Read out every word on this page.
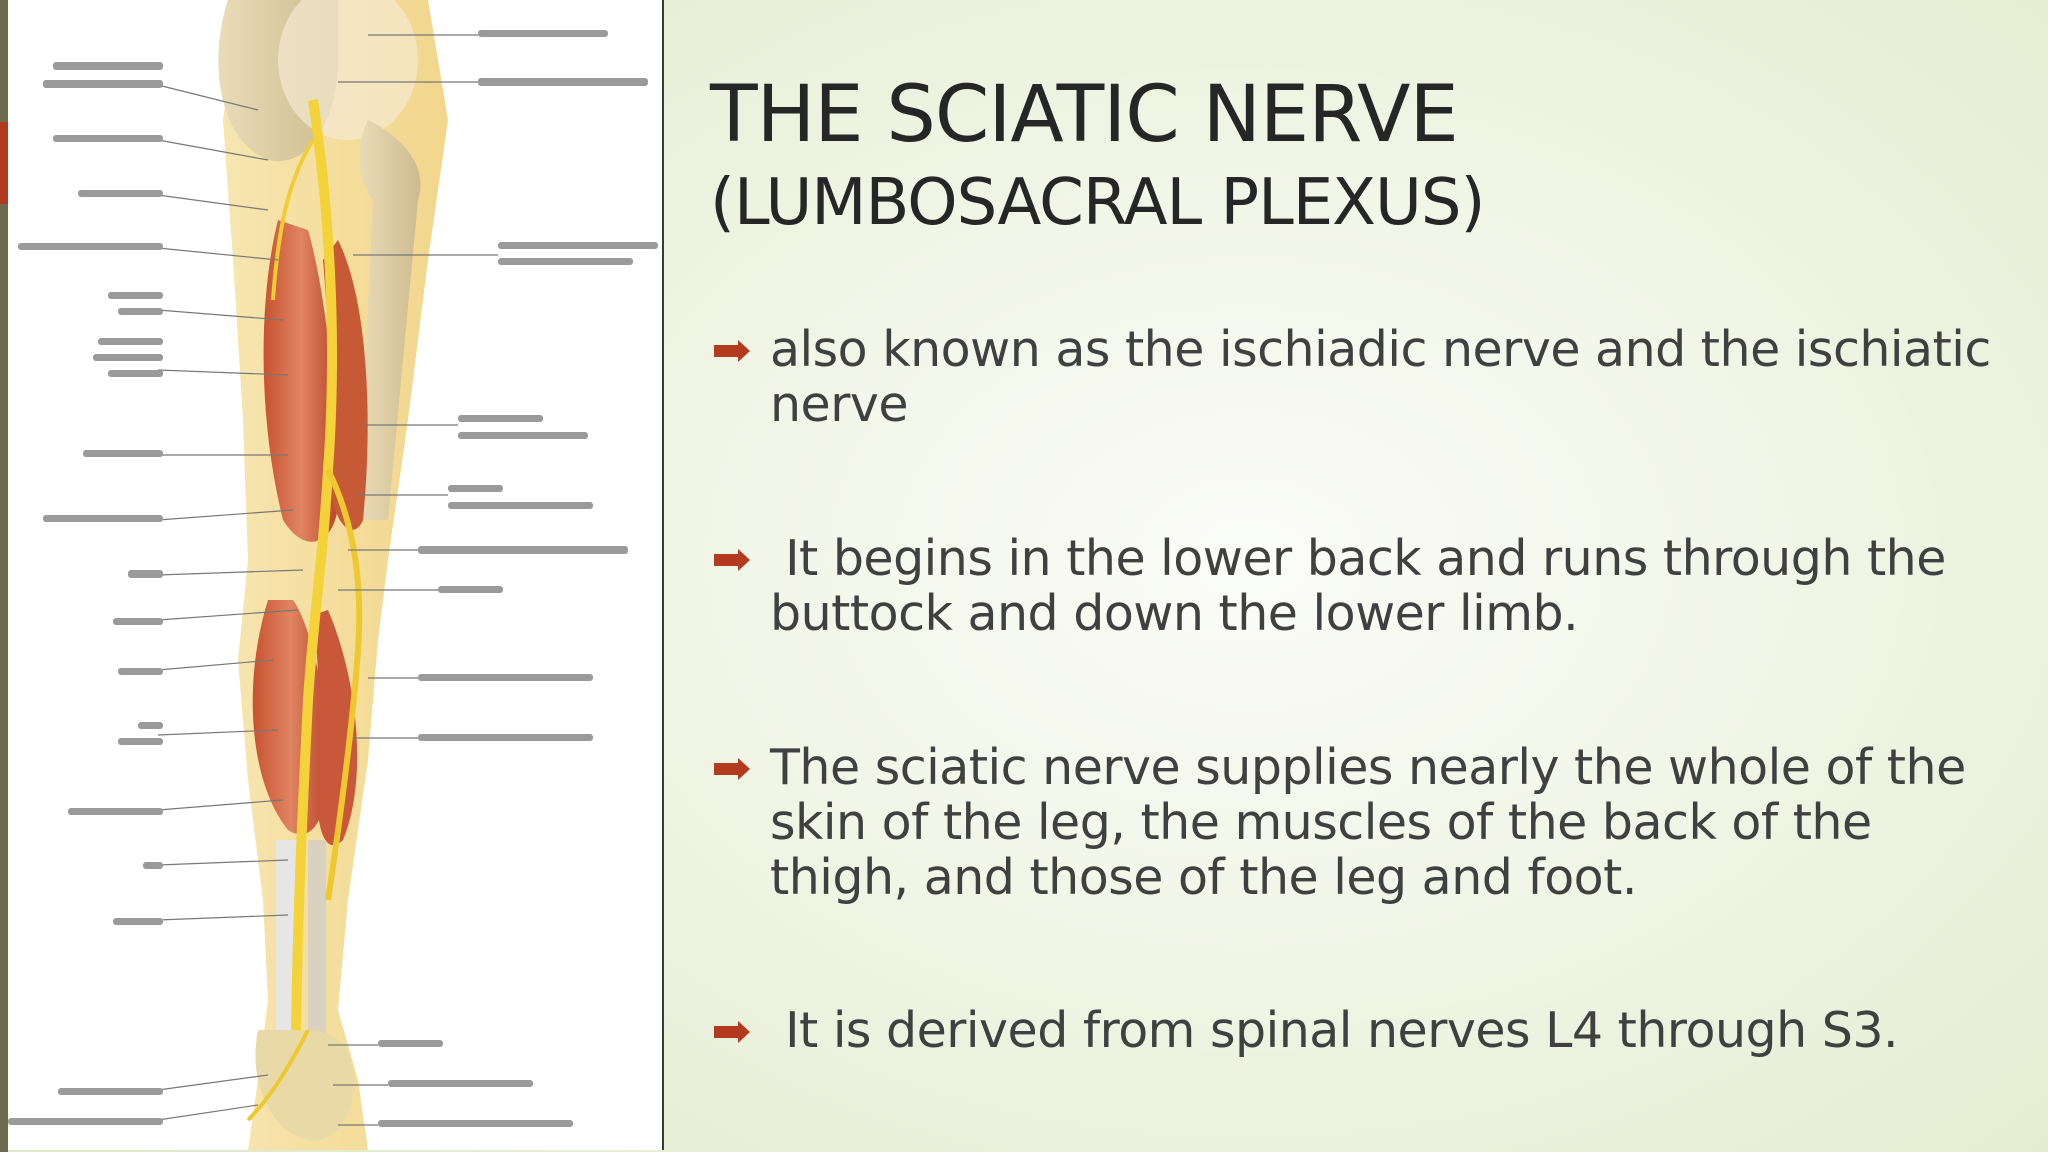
THE SCIATIC NERVE
(LUMBOSACRAL PLEXUS)
also known as the ischiadic nerve and the ischiatic nerve
It begins in the lower back and runs through the buttock and down the lower limb.
The sciatic nerve supplies nearly the whole of the skin of the leg, the muscles of the back of the thigh, and those of the leg and foot.
It is derived from spinal nerves L4 through S3.
